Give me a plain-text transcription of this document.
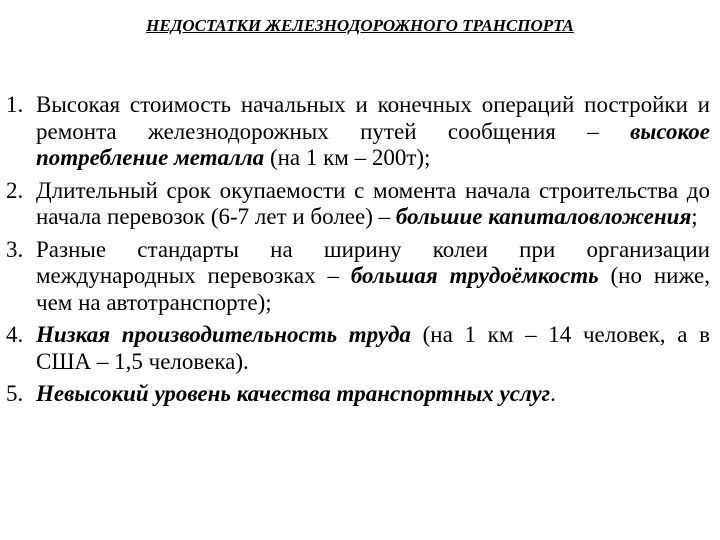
НЕДОСТАТКИ ЖЕЛЕЗНОДОРОЖНОГО ТРАНСПОРТА
1. Высокая стоимость начальных и конечных операций постройки и ремонта железнодорожных путей сообщения – высокое потребление металла (на 1 км – 200т);
2. Длительный срок окупаемости с момента начала строительства до начала перевозок (6-7 лет и более) – большие капиталовложения;
3. Разные стандарты на ширину колеи при организации международных перевозках – большая трудоёмкость (но ниже, чем на автотранспорте);
4. Низкая производительность труда (на 1 км – 14 человек, а в США – 1,5 человека).
5. Невысокий уровень качества транспортных услуг.
